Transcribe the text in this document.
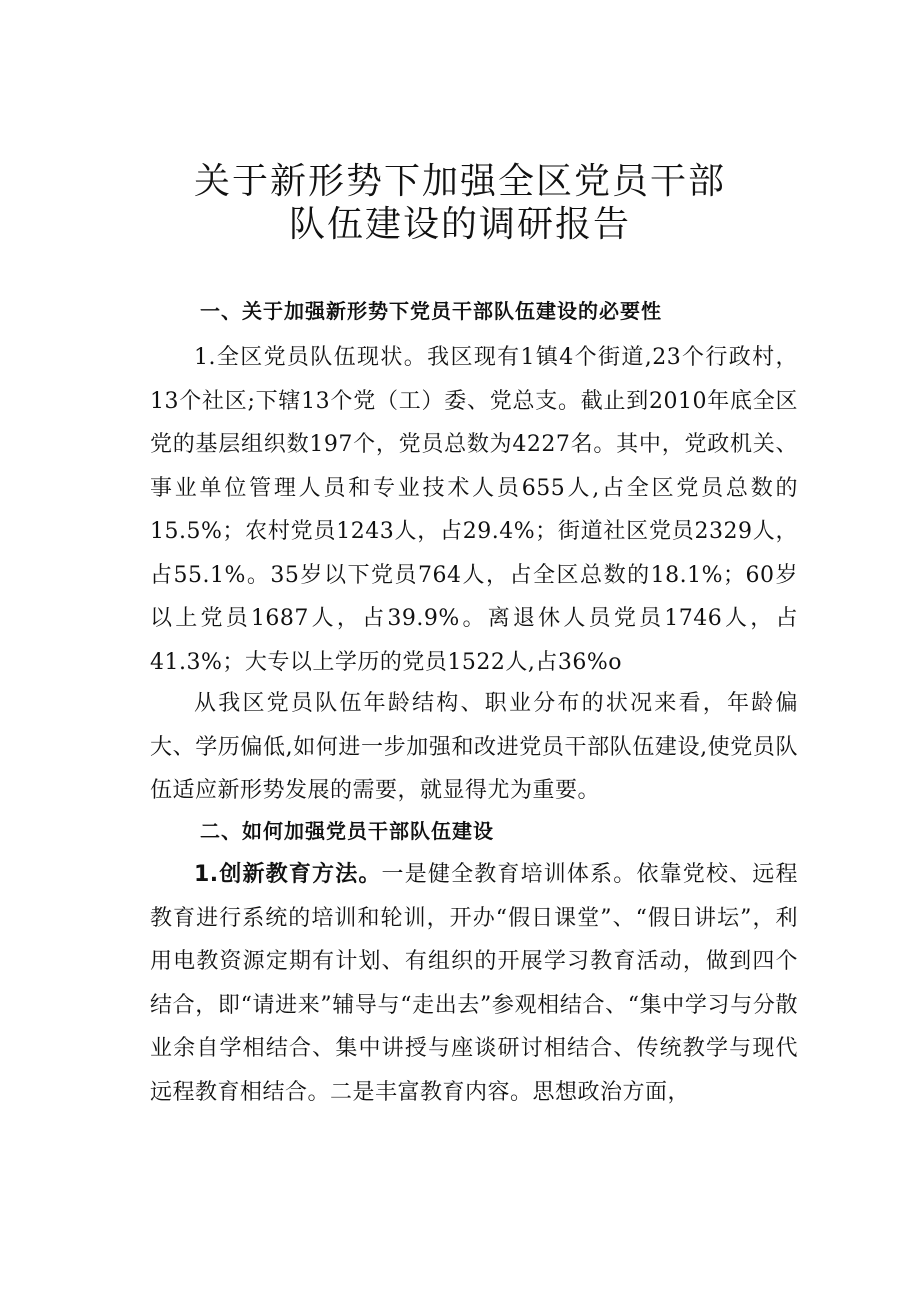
关于新形势下加强全区党员干部
队伍建设的调研报告
一、关于加强新形势下党员干部队伍建设的必要性

1.全区党员队伍现状。我区现有1镇4个街道,23个行政村，13个社区;下辖13个党（工）委、党总支。截止到2010年底全区党的基层组织数197个，党员总数为4227名。其中，党政机关、事业单位管理人员和专业技术人员655人,占全区党员总数的15.5%；农村党员1243人，占29.4%；街道社区党员2329人，占55.1%。35岁以下党员764人，占全区总数的18.1%；60岁以上党员1687人，占39.9%。离退休人员党员1746人，占41.3%；大专以上学历的党员1522人,占36%o

从我区党员队伍年龄结构、职业分布的状况来看，年龄偏大、学历偏低,如何进一步加强和改进党员干部队伍建设,使党员队伍适应新形势发展的需要，就显得尤为重要。

二、如何加强党员干部队伍建设

1.创新教育方法。一是健全教育培训体系。依靠党校、远程教育进行系统的培训和轮训，开办“假日课堂”、“假日讲坛”，利用电教资源定期有计划、有组织的开展学习教育活动，做到四个结合，即“请进来”辅导与“走出去”参观相结合、“集中学习与分散业余自学相结合、集中讲授与座谈研讨相结合、传统教学与现代远程教育相结合。二是丰富教育内容。思想政治方面，
